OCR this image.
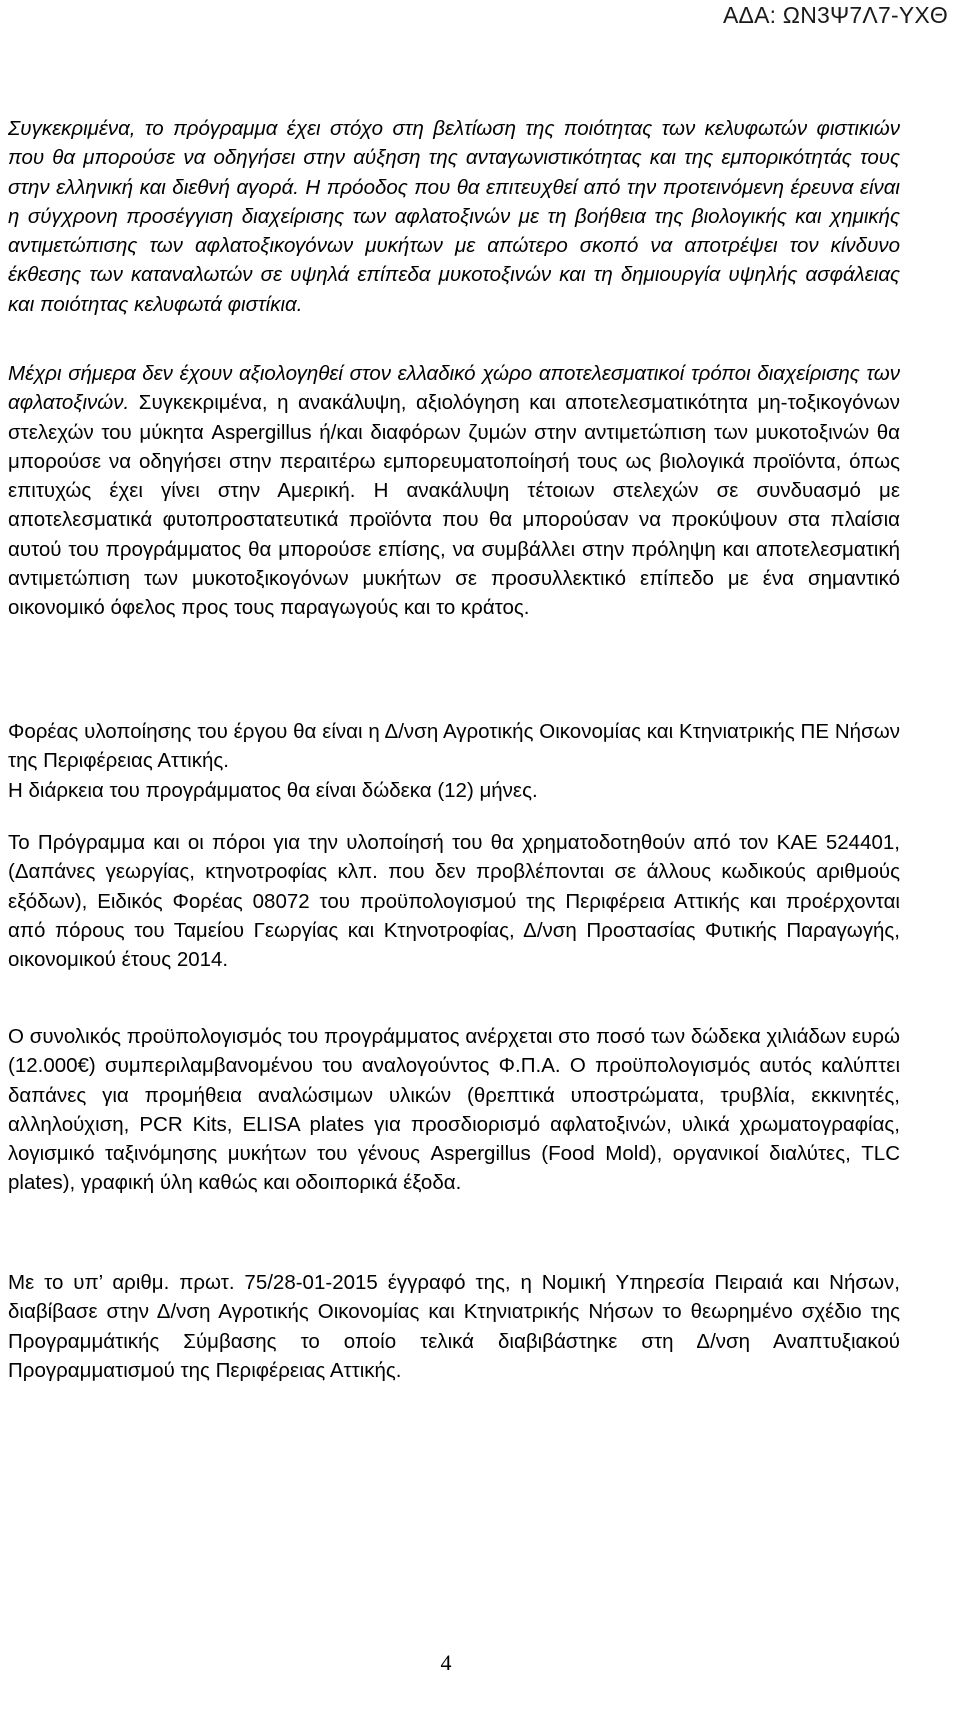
ΑΔΑ: ΩΝ3Ψ7Λ7-ΥΧΘ

Συγκεκριμένα, το πρόγραμμα έχει στόχο στη βελτίωση της ποιότητας των κελυφωτών φιστικιών που θα μπορούσε να οδηγήσει στην αύξηση της ανταγωνιστικότητας και της εμπορικότητάς τους στην ελληνική και διεθνή αγορά. Η πρόοδος που θα επιτευχθεί από την προτεινόμενη έρευνα είναι η σύγχρονη προσέγγιση διαχείρισης των αφλατοξινών με τη βοήθεια της βιολογικής και χημικής αντιμετώπισης των αφλατοξικογόνων μυκήτων με απώτερο σκοπό να αποτρέψει τον κίνδυνο έκθεσης των καταναλωτών σε υψηλά επίπεδα μυκοτοξινών και τη δημιουργία υψηλής ασφάλειας και ποιότητας κελυφωτά φιστίκια.

Μέχρι σήμερα δεν έχουν αξιολογηθεί στον ελλαδικό χώρο αποτελεσματικοί τρόποι διαχείρισης των αφλατοξινών. Συγκεκριμένα, η ανακάλυψη, αξιολόγηση και αποτελεσματικότητα μη-τοξικογόνων στελεχών του μύκητα Aspergillus ή/και διαφόρων ζυμών στην αντιμετώπιση των μυκοτοξινών θα μπορούσε να οδηγήσει στην περαιτέρω εμπορευματοποίησή τους ως βιολογικά προϊόντα, όπως επιτυχώς έχει γίνει στην Αμερική. Η ανακάλυψη τέτοιων στελεχών σε συνδυασμό με αποτελεσματικά φυτοπροστατευτικά προϊόντα που θα μπορούσαν να προκύψουν στα πλαίσια αυτού του προγράμματος θα μπορούσε επίσης, να συμβάλλει στην πρόληψη και αποτελεσματική αντιμετώπιση των μυκοτοξικογόνων μυκήτων σε προσυλλεκτικό επίπεδο με ένα σημαντικό οικονομικό όφελος προς τους παραγωγούς και το κράτος.

Φορέας υλοποίησης του έργου θα είναι η Δ/νση Αγροτικής Οικονομίας και Κτηνιατρικής ΠΕ Νήσων της Περιφέρειας Αττικής.
Η διάρκεια του προγράμματος θα είναι δώδεκα (12) μήνες.

Το Πρόγραμμα και οι πόροι για την υλοποίησή του θα χρηματοδοτηθούν από τον ΚΑΕ 524401, (Δαπάνες γεωργίας, κτηνοτροφίας κλπ. που δεν προβλέπονται σε άλλους κωδικούς αριθμούς εξόδων), Ειδικός Φορέας 08072 του προϋπολογισμού της Περιφέρεια Αττικής και προέρχονται από πόρους του Ταμείου Γεωργίας και Κτηνοτροφίας, Δ/νση Προστασίας Φυτικής Παραγωγής, οικονομικού έτους 2014.

Ο συνολικός προϋπολογισμός του προγράμματος ανέρχεται στο ποσό των δώδεκα χιλιάδων ευρώ (12.000€) συμπεριλαμβανομένου του αναλογούντος Φ.Π.Α. Ο προϋπολογισμός αυτός καλύπτει δαπάνες για προμήθεια αναλώσιμων υλικών (θρεπτικά υποστρώματα, τρυβλία, εκκινητές, αλληλούχιση, PCR Kits, ELISA plates για προσδιορισμό αφλατοξινών, υλικά χρωματογραφίας, λογισμικό ταξινόμησης μυκήτων του γένους Aspergillus (Food Mold), οργανικοί διαλύτες, TLC plates), γραφική ύλη καθώς και οδοιπορικά έξοδα.

Με το υπ’ αριθμ. πρωτ. 75/28-01-2015 έγγραφό της, η Νομική Υπηρεσία Πειραιά και Νήσων, διαβίβασε στην Δ/νση Αγροτικής Οικονομίας και Κτηνιατρικής Νήσων το θεωρημένο σχέδιο της Προγραμμάτικής Σύμβασης το οποίο τελικά διαβιβάστηκε στη Δ/νση Αναπτυξιακού Προγραμματισμού της Περιφέρειας Αττικής.

4
